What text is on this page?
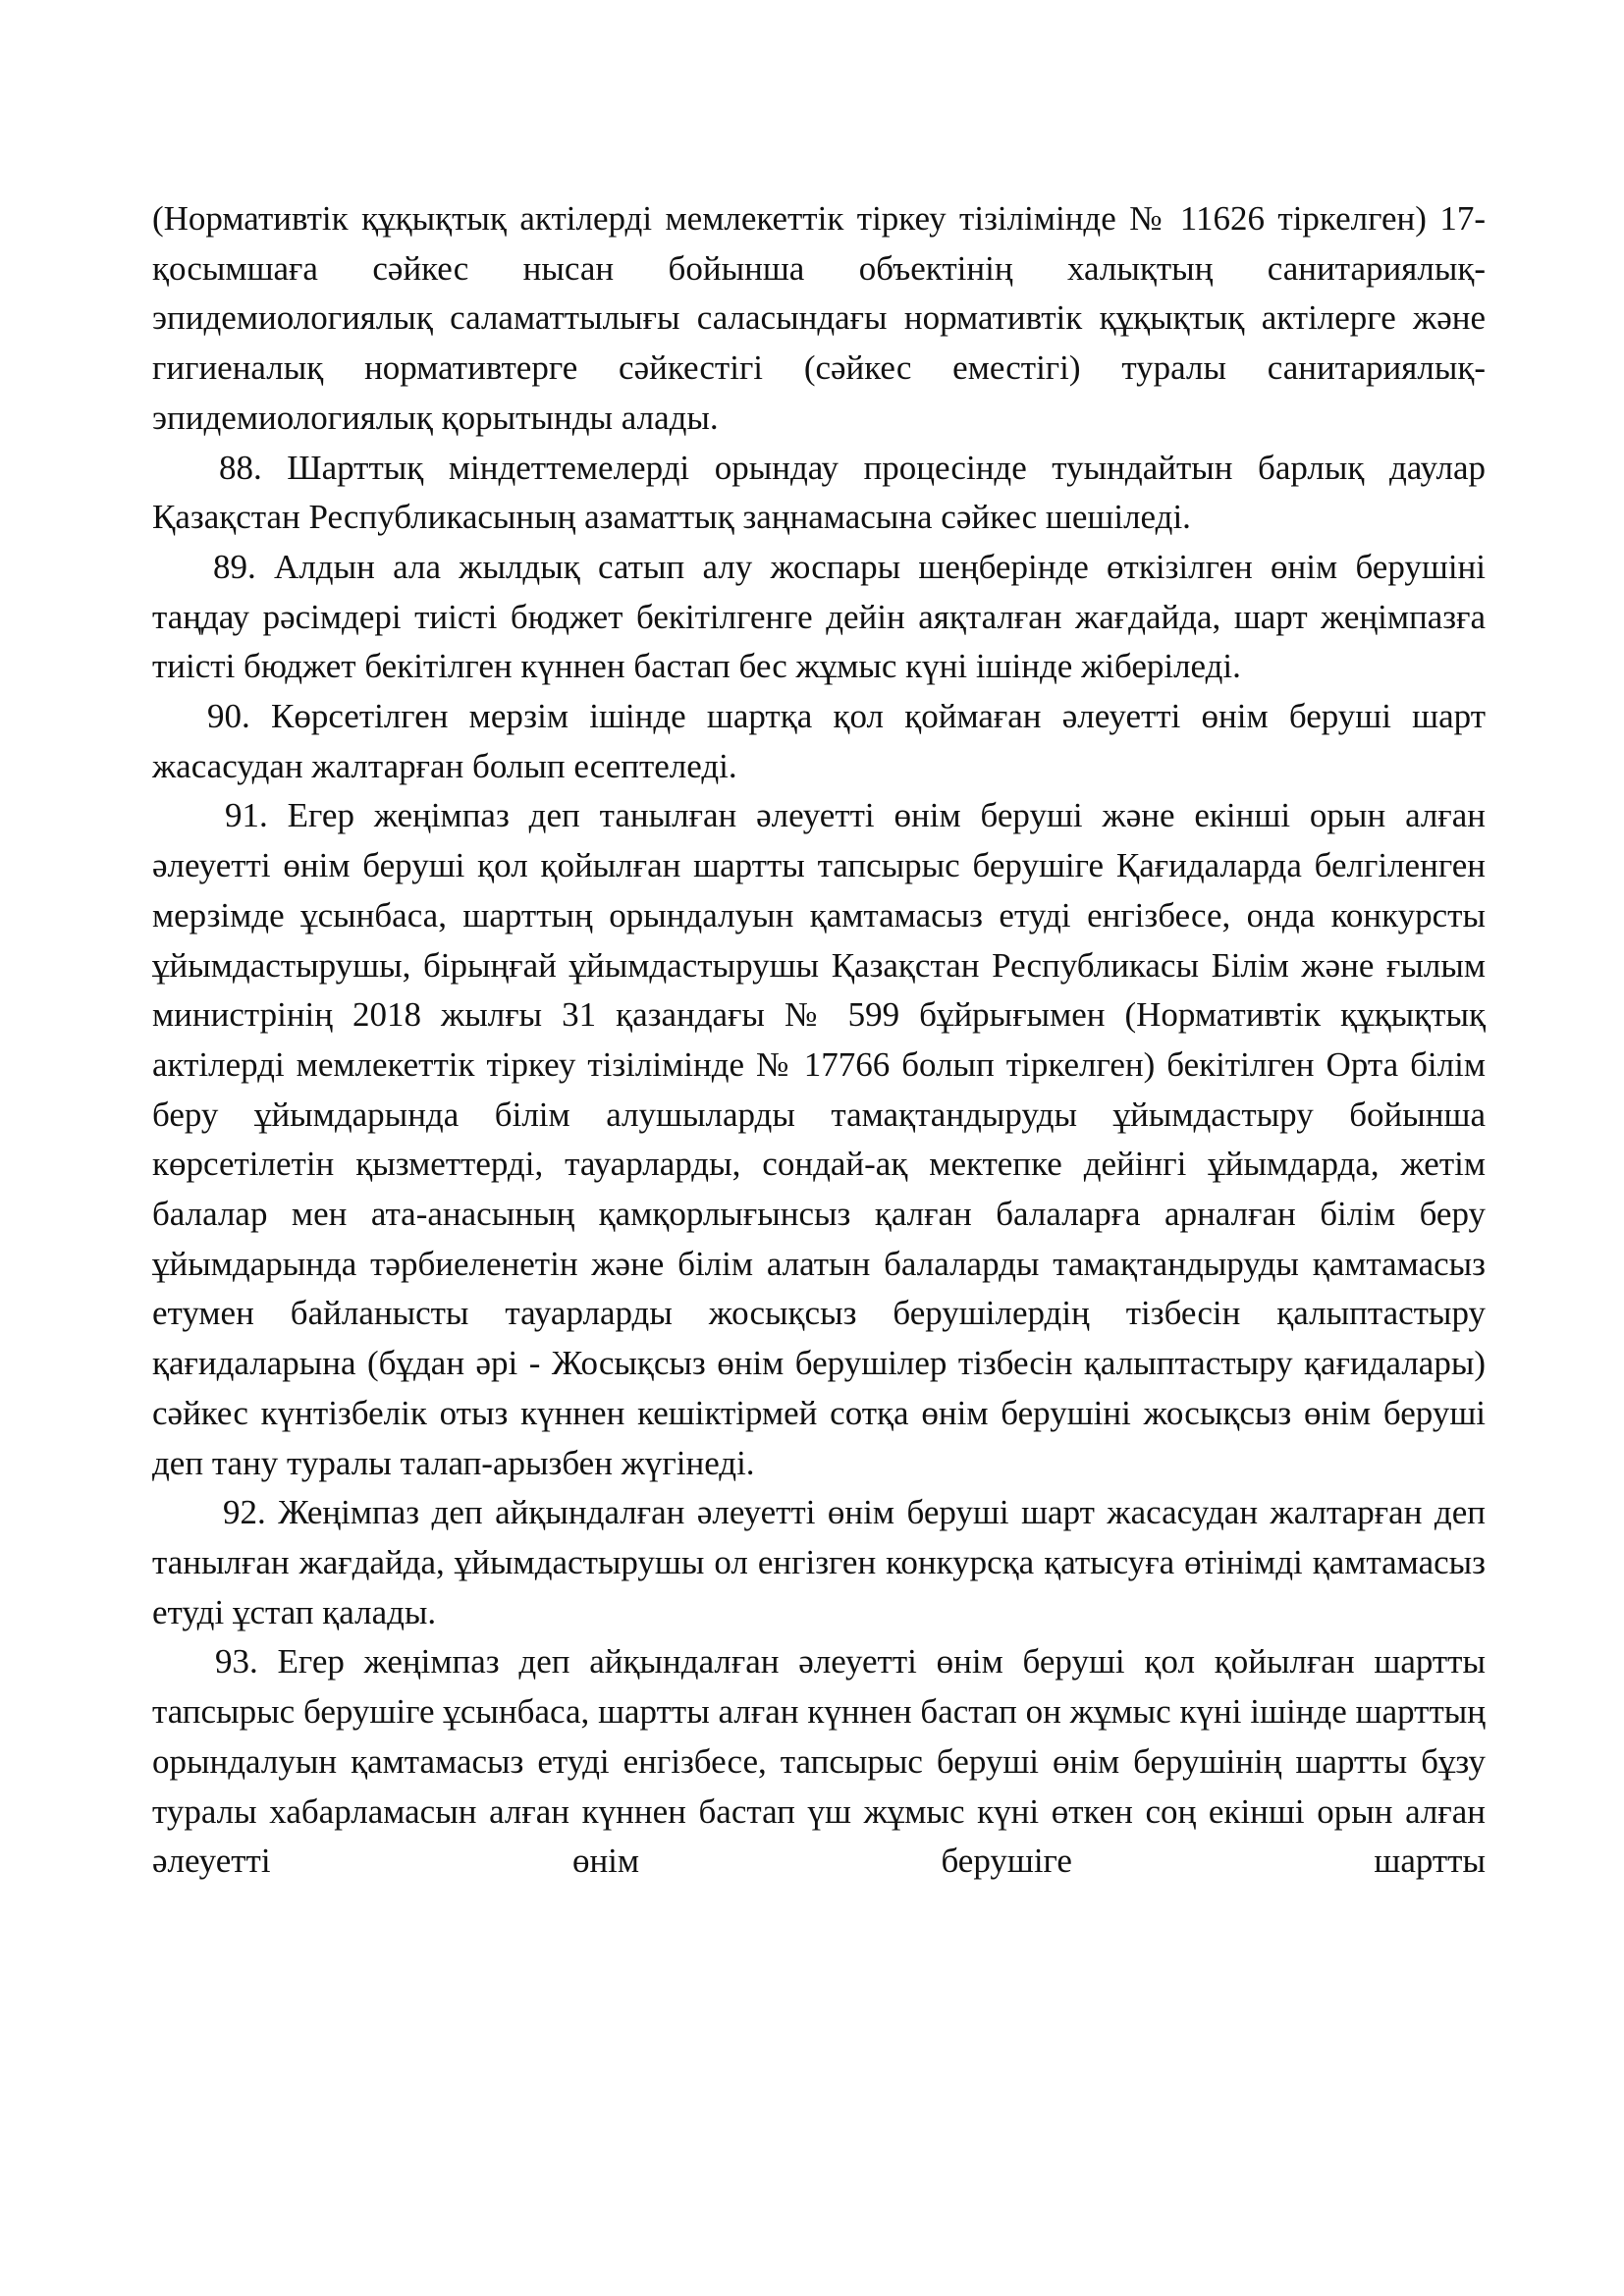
(Нормативтік құқықтық актілерді мемлекеттік тіркеу тізілімінде № 11626 тіркелген) 17-қосымшаға сәйкес нысан бойынша объектінің халықтың санитариялық-эпидемиологиялық саламаттылығы саласындағы нормативтік құқықтық актілерге және гигиеналық нормативтерге сәйкестігі (сәйкес еместігі) туралы санитариялық-эпидемиологиялық қорытынды алады.

88. Шарттық міндеттемелерді орындау процесінде туындайтын барлық даулар Қазақстан Республикасының азаматтық заңнамасына сәйкес шешіледі.

89. Алдын ала жылдық сатып алу жоспары шеңберінде өткізілген өнім берушіні таңдау рәсімдері тиісті бюджет бекітілгенге дейін аяқталған жағдайда, шарт жеңімпазға тиісті бюджет бекітілген күннен бастап бес жұмыс күні ішінде жіберіледі.

90. Көрсетілген мерзім ішінде шартқа қол қоймаған әлеуетті өнім беруші шарт жасасудан жалтарған болып есептеледі.

91. Егер жеңімпаз деп танылған әлеуетті өнім беруші және екінші орын алған әлеуетті өнім беруші қол қойылған шартты тапсырыс берушіге Қағидаларда белгіленген мерзімде ұсынбаса, шарттың орындалуын қамтамасыз етуді енгізбесе, онда конкурсты ұйымдастырушы, бірыңғай ұйымдастырушы Қазақстан Республикасы Білім және ғылым министрінің 2018 жылғы 31 қазандағы № 599 бұйрығымен (Нормативтік құқықтық актілерді мемлекеттік тіркеу тізілімінде № 17766 болып тіркелген) бекітілген Орта білім беру ұйымдарында білім алушыларды тамақтандыруды ұйымдастыру бойынша көрсетілетін қызметтерді, тауарларды, сондай-ақ мектепке дейінгі ұйымдарда, жетім балалар мен ата-анасының қамқорлығынсыз қалған балаларға арналған білім беру ұйымдарында тәрбиеленетін және білім алатын балаларды тамақтандыруды қамтамасыз етумен байланысты тауарларды жосықсыз берушілердің тізбесін қалыптастыру қағидаларына (бұдан әрі - Жосықсыз өнім берушілер тізбесін қалыптастыру қағидалары) сәйкес күнтізбелік отыз күннен кешіктірмей сотқа өнім берушіні жосықсыз өнім беруші деп тану туралы талап-арызбен жүгінеді.

92. Жеңімпаз деп айқындалған әлеуетті өнім беруші шарт жасасудан жалтарған деп танылған жағдайда, ұйымдастырушы ол енгізген конкурсқа қатысуға өтінімді қамтамасыз етуді ұстап қалады.

93. Егер жеңімпаз деп айқындалған әлеуетті өнім беруші қол қойылған шартты тапсырыс берушіге ұсынбаса, шартты алған күннен бастап он жұмыс күні ішінде шарттың орындалуын қамтамасыз етуді енгізбесе, тапсырыс беруші өнім берушінің шартты бұзу туралы хабарламасын алған күннен бастап үш жұмыс күні өткен соң екінші орын алған әлеуетті өнім берушіге шартты
